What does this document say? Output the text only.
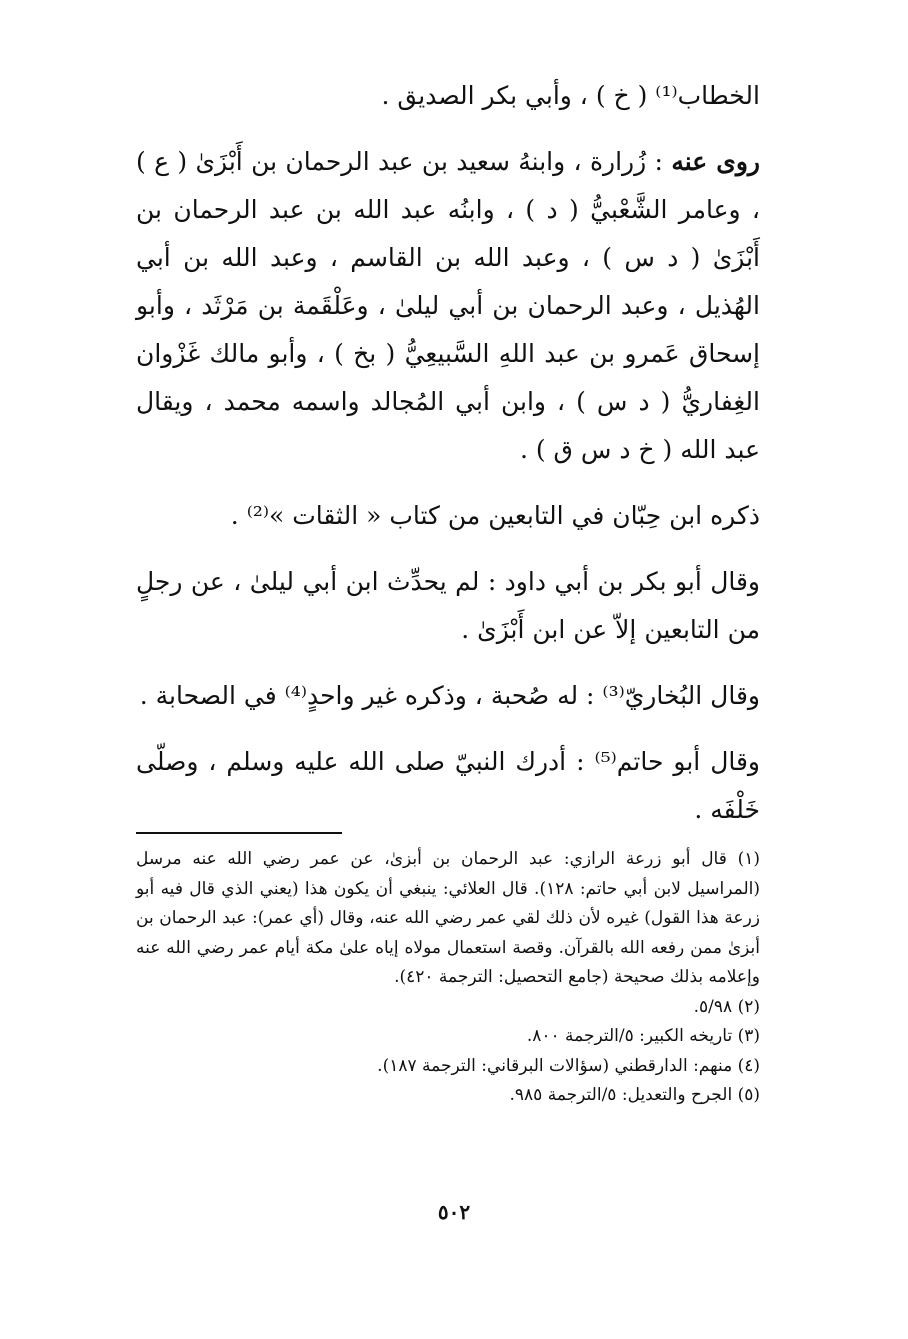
الخطاب⁽¹⁾ ( خ ) ، وأبي بكر الصديق .

روى عنه : زُرارة ، وابنهُ سعيد بن عبد الرحمان بن أَبْزَىٰ ( ع ) ، وعامر الشَّعْبيُّ ( د ) ، وابنُه عبد الله بن عبد الرحمان بن أَبْزَىٰ ( د س ) ، وعبد الله بن القاسم ، وعبد الله بن أبي الهُذيل ، وعبد الرحمان بن أبي ليلىٰ ، وعَلْقَمة بن مَرْثَد ، وأبو إسحاق عَمرو بن عبد اللهِ السَّبيعِيُّ ( بخ ) ، وأبو مالك غَزْوان الغِفاريُّ ( د س ) ، وابن أبي المُجالد واسمه محمد ، ويقال عبد الله ( خ د س ق ) .

ذكره ابن حِبّان في التابعين من كتاب « الثقات »⁽²⁾ .

وقال أبو بكر بن أبي داود : لم يحدِّث ابن أبي ليلىٰ ، عن رجلٍ من التابعين إلاّ عن ابن أَبْزَىٰ .

وقال البُخاريّ⁽³⁾ : له صُحبة ، وذكره غير واحدٍ⁽⁴⁾ في الصحابة .

وقال أبو حاتم⁽⁵⁾ : أدرك النبيّ صلى الله عليه وسلم ، وصلّى خَلْفَه .

(١) قال أبو زرعة الرازي: عبد الرحمان بن أبزىٰ، عن عمر رضي الله عنه مرسل (المراسيل لابن أبي حاتم: ١٢٨). قال العلائي: ينبغي أن يكون هذا (يعني الذي قال فيه أبو زرعة هذا القول) غيره لأن ذلك لقي عمر رضي الله عنه، وقال (أي عمر): عبد الرحمان بن أبزىٰ ممن رفعه الله بالقرآن. وقصة استعمال مولاه إياه علىٰ مكة أيام عمر رضي الله عنه وإعلامه بذلك صحيحة (جامع التحصيل: الترجمة ٤٢٠).

(٢) ٥/٩٨.

(٣) تاريخه الكبير: ٥/الترجمة ٨٠٠.

(٤) منهم: الدارقطني (سؤالات البرقاني: الترجمة ١٨٧).

(٥) الجرح والتعديل: ٥/الترجمة ٩٨٥.

٥٠٢
